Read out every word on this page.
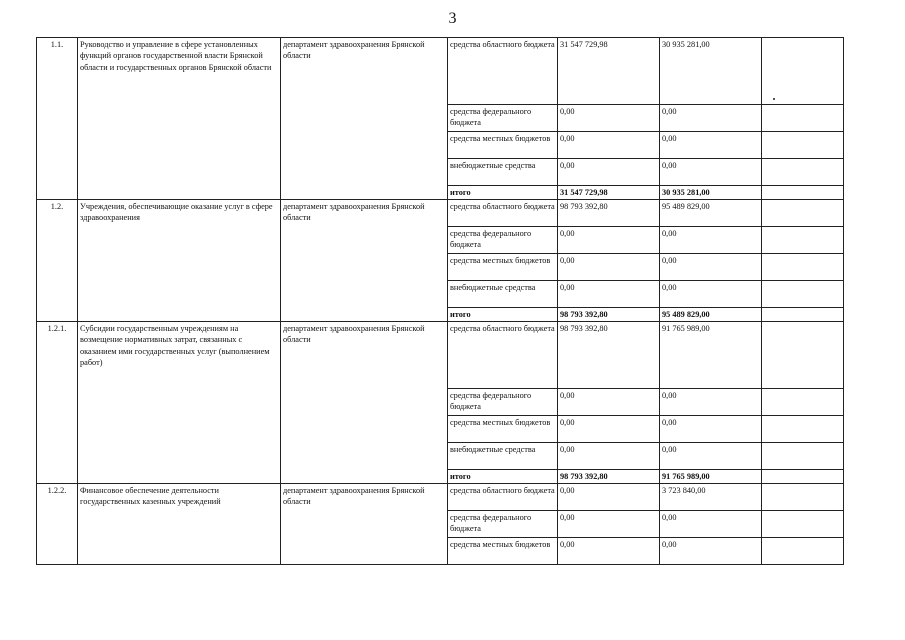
3
1.1.	Руководство и управление в сфере установленных функций органов государственной власти Брянской области и государственных органов Брянской области	департамент здравоохранения Брянской области	средства областного бюджета	31 547 729,98	30 935 281,00	
			средства федерального бюджета	0,00	0,00	
			средства местных бюджетов	0,00	0,00	
			внебюджетные средства	0,00	0,00	
			итого	31 547 729,98	30 935 281,00	
1.2.	Учреждения, обеспечивающие оказание услуг в сфере здравоохранения	департамент здравоохранения Брянской области	средства областного бюджета	98 793 392,80	95 489 829,00	
			средства федерального бюджета	0,00	0,00	
			средства местных бюджетов	0,00	0,00	
			внебюджетные средства	0,00	0,00	
			итого	98 793 392,80	95 489 829,00	
1.2.1.	Субсидии государственным учреждениям на возмещение нормативных затрат, связанных с оказанием ими государственных услуг (выполнением работ)	департамент здравоохранения Брянской области	средства областного бюджета	98 793 392,80	91 765 989,00	
			средства федерального бюджета	0,00	0,00	
			средства местных бюджетов	0,00	0,00	
			внебюджетные средства	0,00	0,00	
			итого	98 793 392,80	91 765 989,00	
1.2.2.	Финансовое обеспечение деятельности государственных казенных учреждений	департамент здравоохранения Брянской области	средства областного бюджета	0,00	3 723 840,00	
			средства федерального бюджета	0,00	0,00	
			средства местных бюджетов	0,00	0,00	
